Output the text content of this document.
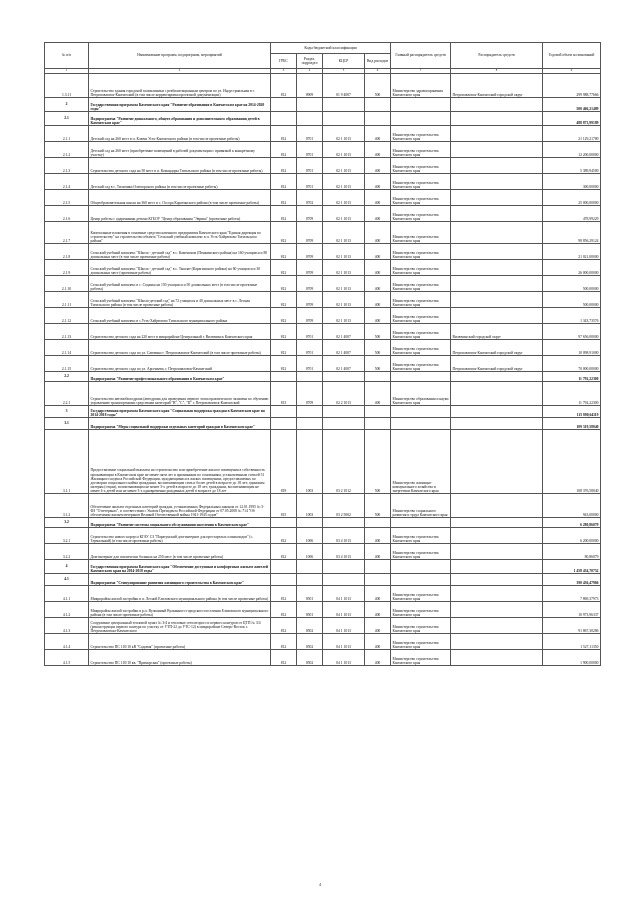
№ п/п	Наименование программ, подпрограмм, мероприятий	Коды бюджетной классификации				Главный распорядитель средств	Распорядитель средств	Годовой объем ассигнований
		ГРБС	Раздел, подраздел	КЦСР	Вид расходов			
1	2	3	4	5	6	7	8	9
1.3.11	Строительство здания городской поликлиники с реабилитационным центром по ул. Индустриальная в г. Петропавловск-Камчатский (в том числе корректировка проектной документации)	812	0909	01 9 4007	500	Министерство здравоохранения Камчатского края	Петропавловск-Камчатский городской округ	299 988,77666
2	Государственная программа Камчатского края "Развитие образования в Камчатском крае на 2014-2020 годы"							500 466,21489
2.1	Подпрограмма "Развитие дошкольного, общего образования и дополнительного образования детей в Камчатском крае"							488 873,99189
2.1.1	Детский сад на 260 мест в п. Ключи Усть-Камчатского района (в том числе проектные работы)	812	0701	02 1 1013	400	Министерство строительства Камчатского края		21 129,21780
2.1.2	Детский сад на 260 мест (приобретение помещений в рабочей документации с привязкой к конкретному участку)	812	0701	02 1 1013	400	Министерство строительства Камчатского края		12 200,00000
2.1.3	Строительство детского сада на 50 мест в п. Командоры Тигильского района (в том числе проектные работы)	812	0701	02 1 1013	400	Министерство строительства Камчатского края		5 389,94500
2.1.4	Детский сад в с. Тиличики Олюторского района (в том числе проектные работы)	812	0701	02 1 1013	400	Министерство строительства Камчатского края		300,00000
2.1.5	Общеобразовательная школа на 360 мест в с. Оссора Карагинского района (в том числе проектные работы)	812	0702	02 1 1013	400	Министерство строительства Камчатского края		25 000,00000
2.1.6	Центр работы с одаренными детьми КГБОУ "Центр образования "Эврика" (проектные работы)	812	0709	02 1 1013	400	Министерство строительства Камчатского края		478,99229
2.1.7	Капитальные вложения в основные средства казенного предприятия Камчатского края "Единая дирекция по строительству" на строительство объекта "Сельский учебный комплекс в п. Усть-Хайрюзово Тигильского района"	812	0709	02 1 1013	400	Министерство строительства Камчатского края		98 856,29124
2.1.8	Сельский учебный комплекс "Школа - детский сад" в с. Каменском (Пенжинского района) на 160 учащихся и 80 дошкольных мест (в том числе проектные работы)	812	0709	02 1 1013	400	Министерство строительства Камчатского края		21 021,00000
2.1.9	Сельский учебный комплекс "Школа - детский сад" в с. Тымлат (Карагинского района) на 60 учащихся и 30 дошкольных мест (проектные работы)	812	0709	02 1 1013	400	Министерство строительства Камчатского края		26 000,00000
2.1.10	Сельский учебный комплекс в с. Седанка на 150 учащихся и 50 дошкольных мест (в том числе проектные работы)	812	0709	02 1 1013	400	Министерство строительства Камчатского края		500,00000
2.1.11	Сельский учебный комплекс "Школа-детский сад" на 72 учащихся и 40 дошкольных мест в с. Лесная Тигильского района (в том числе проектные работы)	812	0709	02 1 1013	400	Министерство строительства Камчатского края		500,00000
2.1.12	Сельский учебный комплекс в с.Усть-Хайрюзово Тигильского муниципального района	812	0709	02 1 1013	400	Министерство строительства Камчатского края		1 343,73576
2.1.13	Строительство детского сада на 220 мест в микрорайоне Центральный г. Вилючинск Камчатского края	812	0701	02 1 4007	500	Министерство строительства Камчатского края	Вилючинский городской округ	97 656,00000
2.1.14	Строительство детского сада по ул. Савченко г. Петропавловск-Камчатский (в том числе проектные работы)	812	0701	02 1 4007	500	Министерство строительства Камчатского края	Петропавловск-Камчатский городской округ	10 098,91000
2.1.15	Строительство детского сада по ул. Арсеньева, г. Петропавловск-Камчатский	812	0701	02 1 4007	500	Министерство строительства Камчатского края	Петропавловск-Камчатский городской округ	70 000,00000
2.2	Подпрограмма "Развитие профессионального образования в Камчатском крае"							11 792,22300
2.2.1	Строительство автомобилодрома (автодрома для проведения первого этапа практического экзамена по обучению управлению транспортными средствами категорий "В", "С", "D" г. Петропавловск-Камчатский	813	0709	02 2 1013	400	Министерство образования и науки Камчатского края		11 792,22300
3	Государственная программа Камчатского края "Социальная поддержка граждан в Камчатском крае на 2014-2018 годы"							115 800,64119
3.1	Подпрограмма "Меры социальной поддержки отдельных категорий граждан в Камчатском крае"							109 319,58040
3.1.1	Предоставление социальной выплаты на строительство или приобретение жилого помещения в собственность проживающим в Камчатском крае не менее пяти лет и признанным по основаниям, установленным статьей 51 Жилищного кодекса Российской Федерации, нуждающимися в жилых помещениях, предоставляемых по договорам социального найма гражданам, воспитывающим семь и более детей в возрасте до 18 лет; одиноким матерям (отцам), воспитывающим не менее 3-х детей в возрасте до 18 лет; гражданам, воспитывающим не менее 4-х детей или не менее 3-х одновременно рожденных детей в возрасте до 18 лет	819	1003	03 2 1012	500	Министерство жилищно-коммунального хозяйства и энергетики Камчатского края		108 376,58040
3.1.2	Обеспечение жильем отдельных категорий граждан, установленных Федеральным законом от 12.01.1995 № 5-ФЗ "О ветеранах", в соответствии с Указом Президента Российской Федерации от 07.05.2008 № 714 "Об обеспечении жильем ветеранов Великой Отечественной войны 1941-1945 годов"	815	1003	03 2 5002	500	Министерство социального развития и труда Камчатского края		943,00000
3.2	Подпрограмма "Развитие системы социального обслуживания населения в Камчатском крае"							6 280,86079
3.2.1	Строительство нового корпуса КГАУ СЗ "Паратунский дом-интернат для престарелых и инвалидов" (с. Термальный) (в том числе проектные работы)	812	1006	03 4 1013	400	Министерство строительства Камчатского края		6 200,00000
3.2.2	Дом-интернат для психически больных на 250 мест (в том числе проектные работы)	812	1006	03 4 1013	400	Министерство строительства Камчатского края		80,86079
4	Государственная программа Камчатского края "Обеспечение доступным и комфортным жильем жителей Камчатского края на 2014-2018 годы"							1 458 434,70752
4.1	Подпрограмма "Стимулирование развития жилищного строительства в Камчатском крае"							390 436,47966
4.1.1	Микрорайон жилой застройки в п. Лесной Елизовского муниципального района (в том числе проектные работы)	812	0501	04 1 1013	400	Министерство строительства Камчатского края		7 869,37973
4.1.2	Микрорайон жилой застройки в р.п. Вулканный Вулканного городского поселения Елизовского муниципального района (в том числе проектные работы)	812	0501	04 1 1013	400	Министерство строительства Камчатского края		10 973,96337
4.1.3	Сооружение центральный тепловой пункт № 3/4 и тепловые сети второго и первого контуров от ЦТП № 3/4 (реконструкция первого контура по участку от УТП-22 до УТС-12) в микрорайоне Северо-Восток г. Петропавловска-Камчатского	812	0502	04 1 1013	400	Министерство строительства Камчатского края		91 867,30286
4.1.4	Строительство ПС 110/10 кВ "Садовая" (проектные работы)	812	0502	04 1 1013	400	Министерство строительства Камчатского края		1 527,11350
4.1.5	Строительство ПС 110/10 кв. "Приморская" (проектные работы)	812	0502	04 1 1013	400	Министерство строительства Камчатского края		1 900,00000
4
